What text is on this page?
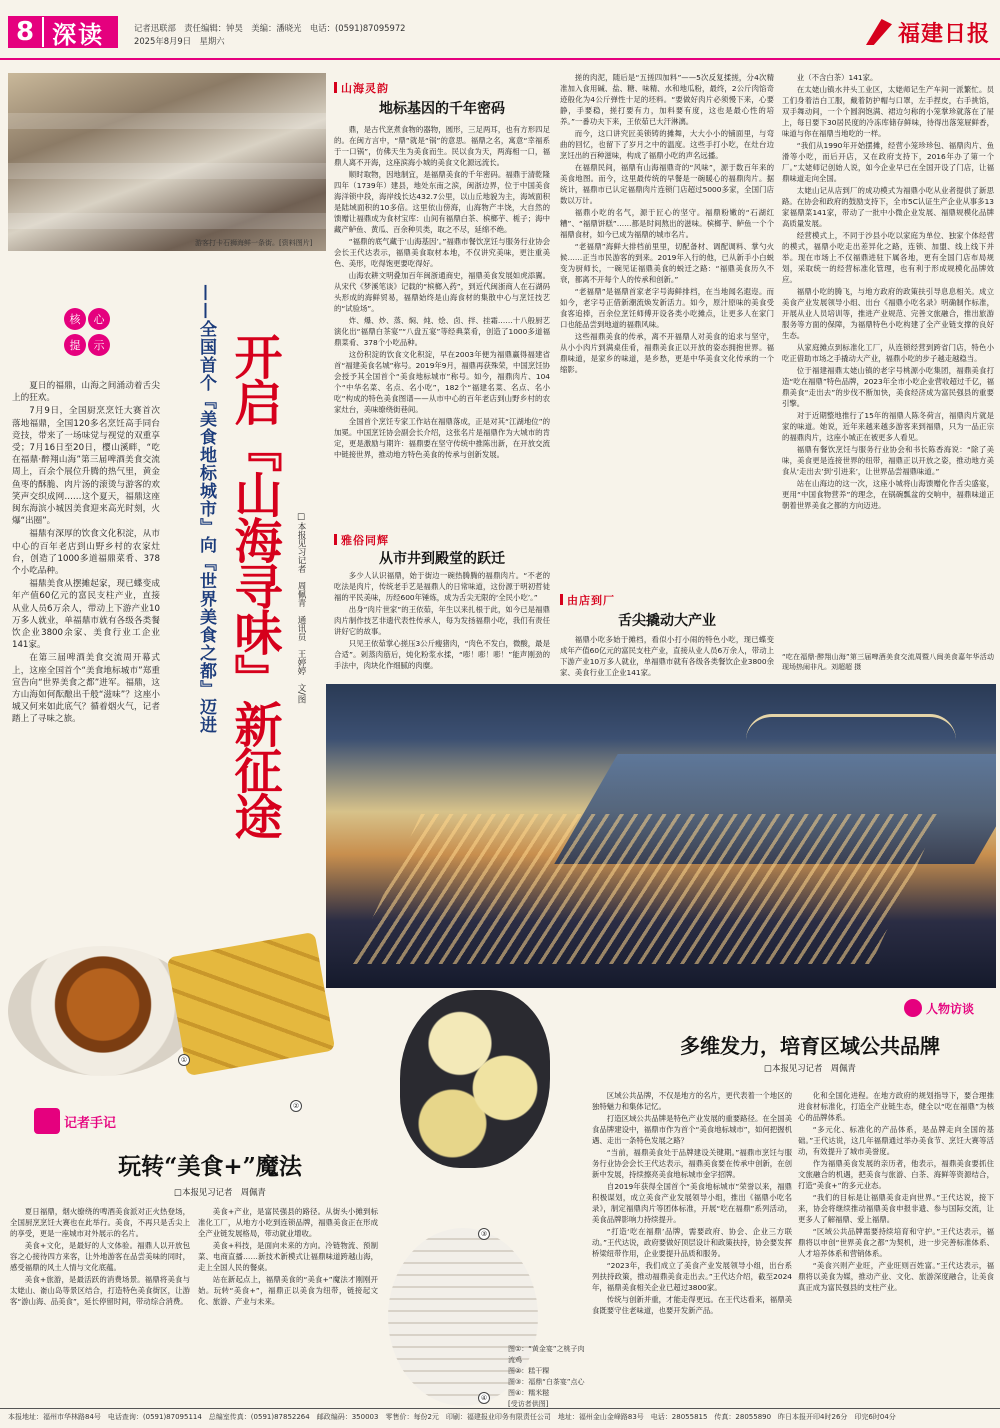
8 深读	记者迅联部　责任编辑：钟昊　美编：潘晓光　电话：(0591)87095972
2025年8月9日　星期六	福建日报
游客打卡石狮海鲜一条街。[资料图片]
核	心
提	示

夏日的福鼎，山海之间涌动着舌尖上的狂欢。

7月9日，全国厨烹烹饪大赛首次落地福鼎，全国120多名烹饪高手同台竞技，带来了一场味觉与视觉的双重享受；7月16日至20日，樱山溪畔，“吃在福鼎·醉翔山海”第三届啤酒美食交流周上，百余个展位升腾的热气里，黄金鱼枣的酥脆、肉片汤的滚烫与游客的欢笑声交织成网……这个夏天，福鼎这座闽东海滨小城因美食迎来高光时刻，火爆“出圈”。

福鼎有深厚的饮食文化积淀，从市中心的百年老店到山野乡村的农家灶台，创造了1000多道福鼎菜肴、378个小吃品种。

福鼎美食从摆摊起家，现已蝶变成年产值60亿元的富民支柱产业，直接从业人员6万余人，带动上下游产业10万多人就业，单福鼎市就有各级各类餐饮企业3800余家、美食行业工企业141家。

在第三届啤酒美食交流周开幕式上，这座全国首个“美食地标城市”郑重宣告向“世界美食之都”进军。福鼎，这方山海如何酝酿出千般“滋味”？这座小城又何来如此底气？循着烟火气，记者踏上了寻味之旅。	——全国首个『美食地标城市』向『世界美食之都』迈进 开启『山海寻味』新征途	□本报见习记者　周佩青　通讯员　王婷婷　文/图
山海灵韵
地标基因的千年密码

鼎，是古代烹煮食物的器物，圆形，三足两耳，也有方形四足的。在闽方言中，“鼎”就是“锅”的意思。福鼎之名，寓意“幸福系于一口锅”，仿佛天生为美食而生。民以食为天，两海相一口，福鼎人离不开海，这座滨海小城的美食文化源远流长。

顺时取物，因地制宜，是福鼎美食的千年密码。福鼎于清乾隆四年（1739年）建县，地处东南之滨，闽浙边界，位于中国美食海洋锁中段，海岸线长达432.7公里，以山丘地貌为主，海域面积是陆域面积的10多倍。这里依山傍海，山海物产丰饶，大自然的馈赠让福鼎成为食材宝库：山间有福鼎白茶、槟榔芋、栀子；海中藏产鲈鱼、黄瓜、百余种贝类，取之不尽，延绵不绝。

“福鼎的底气藏于‘山海基因’。”福鼎市餐饮烹饪与服务行业协会会长王代达表示，福鼎美食取材本地，不仅讲究美味，更注重美色、美形，吃得饱更要吃得好。

山海农耕文明叠加百年闽浙通商史，福鼎美食发展如虎添翼。从宋代《梦溪笔谈》记载的“槟榔入药”，到近代闽浙商人在石湖码头形成的海鲜贸易，福鼎始终是山海食材的集散中心与烹饪技艺的“试验场”。

炸、爆、炒、蒸、焖、炖、烩、卤、拌、挂霜……十八般厨艺演化出“福鼎白茶宴”“八盘五宴”等经典菜肴，创造了1000多道福鼎菜肴、378个小吃品种。

这份积淀的饮食文化积淀，早在2003年便为福鼎赢得福建省首“福建美食名城”称号。2019年9月，福鼎再获殊荣，中国烹饪协会授予其全国首个“美食地标城市”称号。如今，福鼎肉片、104个“中华名菜、名点、名小吃”，182个“福建名菜、名点、名小吃”构成的特色美食图谱——从市中心的百年老店到山野乡村的农家灶台，美味缭绕街巷间。

全国首个烹饪专家工作站在福鼎落成，正是对其“江湖地位”的加冕。中国烹饪协会副会长介绍，这张名片是福鼎作为大城市的肯定，更是激励与期许：福鼎要在坚守传统中推陈出新，在开放交流中链接世界，推动地方特色美食的传承与创新发展。

雅俗同辉
从市井到殿堂的跃迁

多少人认识福鼎，始于街边一碗热腾腾的福鼎肉片。“不老的吃法是肉片，传统老手艺是福鼎人的日常味道，这份源于明初哲徒福的平民美味，历经600年锤炼，成为舌尖无限的‘全民小吃’。”

出身“肉片世家”的王依茹，年生以来扎根于此，如今已是福鼎肉片制作技艺非遗代表性传承人，每为发扬福鼎小吃，我们有责任讲好它的故事。

只见王依茹掌心搓压3公斤瘦猪肉，“肉色不发白，微酸，最是合适”。剁蒸肉筋后，炖化粉浆水揉，“嘭！嘭！嘭！”能声刚劲的手法中，肉块化作细腻的肉糜。

搓的肉泥，随后是“五搓四加料”——5次反复揉搓，分4次精准加入食用碱、盐、糖、味精、水和地瓜粉，最终，2公斤肉馅奇迹般化为4公斤弹性十足的坯料。“要做好肉片必须慢下来，心要静，手要稳，搓打要有力，加料要有度，这也是最心性的培养。”一番功夫下来，王依茹已大汗淋漓。

而今，这口讲究匠美锁铸的摊舞，大大小小的铺面里，与弯曲的回忆，也留下了岁月之中的温度。这些手打小吃，在灶台边烹饪出的百种滋味，构成了福鼎小吃的声名远播。

在福鼎民间，福鼎有山海福鼎奇的“风味”，源于数百年来的美食地图。而今，这里最传统的早餐是一碗暖心的福鼎肉片。据统计，福鼎市已认定福鼎肉片连锁门店超过5000多家，全国门店数以万计。

福鼎小吃的名气，源于匠心的坚守。福鼎粉嫩的“石湖红糟”、“福鼎饼糕”……都是时间熬出的滋味。槟榔芋、鲈鱼一个个福鼎食材，如今已成为福鼎的城市名片。

“老福鼎”海鲜大排档前里里，切配备材、调配调料、掌勺火候……正当市民游客的到来。2019年入行的他，已从新手小白蜕变为厨师长，一碗见证福鼎美食的蜕迁之路：“福鼎美食历久不衰，都离不开每个人的传承和创新。”

“老福鼎”是福鼎首家老字号海鲜排档，在当地闻名遐迩。而如今，老字号正借新潮流焕发新活力。如今，原汁原味的美食受食客追捧，百余位烹饪师傅开设各类小吃摊点，让更多人在家门口也能品尝到地道的福鼎风味。

这些福鼎美食的传承，离不开福鼎人对美食的追求与坚守，从小小肉片到满桌佳肴，福鼎美食正以开放的姿态拥抱世界。福鼎味道，是家乡的味道，是乡愁，更是中华美食文化传承的一个缩影。

由店到厂
舌尖撬动大产业

福鼎小吃多始于摊档，看似小打小闹的特色小吃，现已蝶变成年产值60亿元的富民支柱产业，直接从业人员6万余人，带动上下游产业10万多人就业，单福鼎市就有各级各类餐饮企业3800余家、美食行业工企业141家。

业（不含白茶）141家。

在太姥山镇水井头工业区，太姥师记生产车间一派繁忙。员工们身着洁白工服，戴着防护帽与口罩，左手捏皮，右手挑馅，双手舞动间，一个个圆润饱满、裙边匀称的小笼掌珍就落在了屉上，每日要下30居民度的冷冻库储存鲜味，待得出落笼屉鲜香，味道与你在福鼎当地吃的一样。

“我们从1990年开始摆摊，经营小笼珍珍包、福鼎肉片、鱼滑等小吃，而后开店，又在政府支持下，2016年办了第一个厂。”太姥师记创始人说，如今企业早已在全国开设了门店，让福鼎味道走向全国。

太姥山记从店到厂的成功模式为福鼎小吃从业者提供了新思路。在协会和政府的鼓励支持下，全市5C认证生产企业从事多13家福鼎菜141家，带动了一批中小微企业发展、福鼎规模化品牌高质量发展。

经营模式上，不同于沙县小吃以家庭为单位、独家个体经营的模式，福鼎小吃走出差异化之路，连锁、加盟、线上线下并举。现在市场上不仅福鼎进驻下属各地，更有全国门店布局规划，采取统一的经营标准化管理，也有利于形成规模化品牌效应。

福鼎小吃的腾飞，与地方政府的政策扶引导息息相关。成立美食产业发展领导小组、出台《福鼎小吃名录》明确制作标准，开展从业人员培训等，推进产业规范、完善文旅融合，推出旅游服务等方面的保障，为福鼎特色小吃构建了全产业链支撑的良好生态。

从家庭摊点到标准化工厂，从连锁经营到跨省门店，特色小吃正借助市场之手撬动大产业，福鼎小吃的步子越走越稳当。

位于福建福鼎太姥山镇的老字号桃源小吃集团，福鼎美食打造“吃在福鼎”特色品牌，2023年全市小吃企业营收超过千亿，福鼎美食“走出去”的步伐不断加快，美食经济成为富民强县的重要引擎。

对于近期整地推行了15年的福鼎人陈冬荷言，福鼎肉片就是家的味道。她说，近年来越来越多游客来到福鼎，只为一品正宗的福鼎肉片，这座小城正在被更多人看见。

福鼎有餐饮烹饪与服务行业协会和书长陈香海说：“除了美味，美食更是连接世界的纽带，福鼎正以开放之姿，推动地方美食从‘走出去’到‘引进来’，让世界品尝福鼎味道。”

站在山海边的这一次，这座小城将山海馈赠化作舌尖盛宴，更用“中国食物营养”的理念，在锅碗瓢盆的交响中，福鼎味道正朝着世界美食之都的方向迈进。

“吃在福鼎·醉翔山海”第三届啤酒美食交流周暨八闽美食嘉年华活动现场热闹非凡。刘超超 摄
①
②
③
④
人物访谈
多维发力，培育区域公共品牌
□本报见习记者　周佩青

区域公共品牌，不仅是地方的名片，更代表着一个地区的独特魅力和集体记忆。

打造区域公共品牌是特色产业发展的重要路径。在全国美食品牌建设中，福鼎市作为首个“美食地标城市”，如何把握机遇、走出一条特色发展之路？

“当前，福鼎美食处于品牌建设关键期。”福鼎市烹饪与服务行业协会会长王代达表示，福鼎美食要在传承中创新，在创新中发展，持续擦亮美食地标城市金字招牌。

自2019年获得全国首个“美食地标城市”荣誉以来，福鼎积极谋划，成立美食产业发展领导小组，推出《福鼎小吃名录》，制定福鼎肉片等团体标准，开展“吃在福鼎”系列活动，美食品牌影响力持续提升。

“打造‘吃在福鼎’品牌，需要政府、协会、企业三方联动。”王代达说，政府要做好顶层设计和政策扶持，协会要发挥桥梁纽带作用，企业要提升品质和服务。

“2023年，我们成立了美食产业发展领导小组，出台系列扶持政策，推动福鼎美食走出去。”王代达介绍，截至2024年，福鼎美食相关企业已超过3800家。

传统与创新并重，才能走得更远。在王代达看来，福鼎美食既要守住老味道，也要开发新产品。

化和全国化进程。在地方政府的规划指导下，要合理推进食材标准化，打造全产业链生态，健全以“吃在福鼎”为核心的品牌体系。

“多元化、标准化的产品体系，是品牌走向全国的基础。”王代达说，这几年福鼎通过举办美食节、烹饪大赛等活动，有效提升了城市美誉度。

作为福鼎美食发展的亲历者，他表示，福鼎美食要抓住文旅融合的机遇，把美食与旅游、白茶、海鲜等资源结合，打造“美食+”的多元业态。

“我们的目标是让福鼎美食走向世界。”王代达说，接下来，协会将继续推动福鼎美食申报非遗、参与国际交流，让更多人了解福鼎、爱上福鼎。

“区域公共品牌需要持续培育和守护。”王代达表示，福鼎将以申创“世界美食之都”为契机，进一步完善标准体系、人才培养体系和营销体系。

“美食兴则产业旺，产业旺则百姓富。”王代达表示，福鼎将以美食为媒，推动产业、文化、旅游深度融合，让美食真正成为富民强县的支柱产业。

记者手记
玩转“美食+”魔法
□本报见习记者　周佩青

夏日福鼎，烟火缭绕的啤酒美食派对正火热登场，全国厨烹烹饪大赛也在此举行。美食，不再只是舌尖上的享受，更是一座城市对外展示的名片。

美食+文化，是最好的人文体验。福鼎人以开放包容之心接待四方来客，让外地游客在品尝美味的同时，感受福鼎的风土人情与文化底蕴。

美食+旅游，是最活跃的消费场景。福鼎将美食与太姥山、嵛山岛等景区结合，打造特色美食街区，让游客“游山海、品美食”，延长停留时间，带动综合消费。

美食+产业，是富民强县的路径。从街头小摊到标准化工厂，从地方小吃到连锁品牌，福鼎美食正在形成全产业链发展格局，带动就业增收。

美食+科技，是面向未来的方向。冷链物流、预制菜、电商直播……新技术新模式让福鼎味道跨越山海，走上全国人民的餐桌。

站在新起点上，福鼎美食的“美食+”魔法才刚刚开始。玩转“美食+”，福鼎正以美食为纽带，链接起文化、旅游、产业与未来。

图①：“黄金宴”之桃子肉流鸡
图②：糕干粿
图③：福鼎“白茶宴”点心
图④：糯米糍
[受访者供图]
本报地址：福州市华林路84号　电话查询：(0591)87095114　总编室传真：(0591)87852264　邮政编码：350003　零售价：每份2元　印刷：福建报业印务有限责任公司　地址：福州金山金峰路83号　电话：28055815　传真：28055890　昨日本报开印4时26分　印完6时04分
